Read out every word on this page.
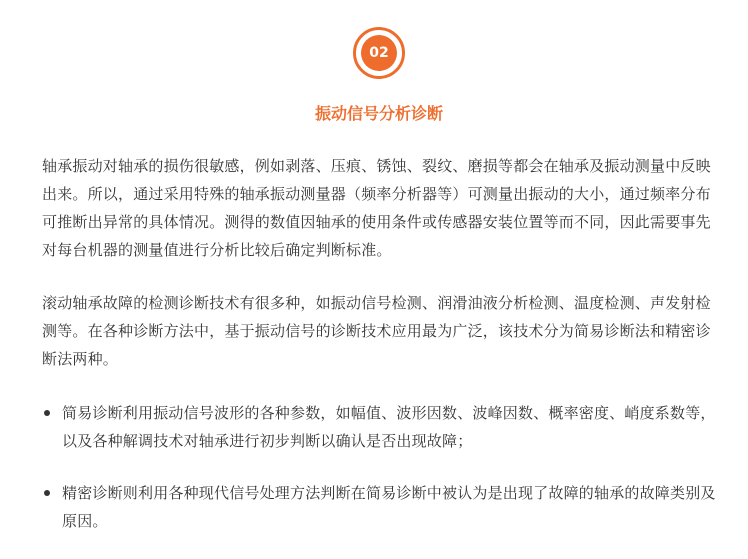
02
振动信号分析诊断

轴承振动对轴承的损伤很敏感，例如剥落、压痕、锈蚀、裂纹、磨损等都会在轴承及振动测量中反映出来。所以，通过采用特殊的轴承振动测量器（频率分析器等）可测量出振动的大小，通过频率分布可推断出异常的具体情况。测得的数值因轴承的使用条件或传感器安装位置等而不同，因此需要事先对每台机器的测量值进行分析比较后确定判断标准。

滚动轴承故障的检测诊断技术有很多种，如振动信号检测、润滑油液分析检测、温度检测、声发射检测等。在各种诊断方法中，基于振动信号的诊断技术应用最为广泛，该技术分为简易诊断法和精密诊断法两种。

简易诊断利用振动信号波形的各种参数，如幅值、波形因数、波峰因数、概率密度、峭度系数等，以及各种解调技术对轴承进行初步判断以确认是否出现故障；
精密诊断则利用各种现代信号处理方法判断在简易诊断中被认为是出现了故障的轴承的故障类别及原因。
